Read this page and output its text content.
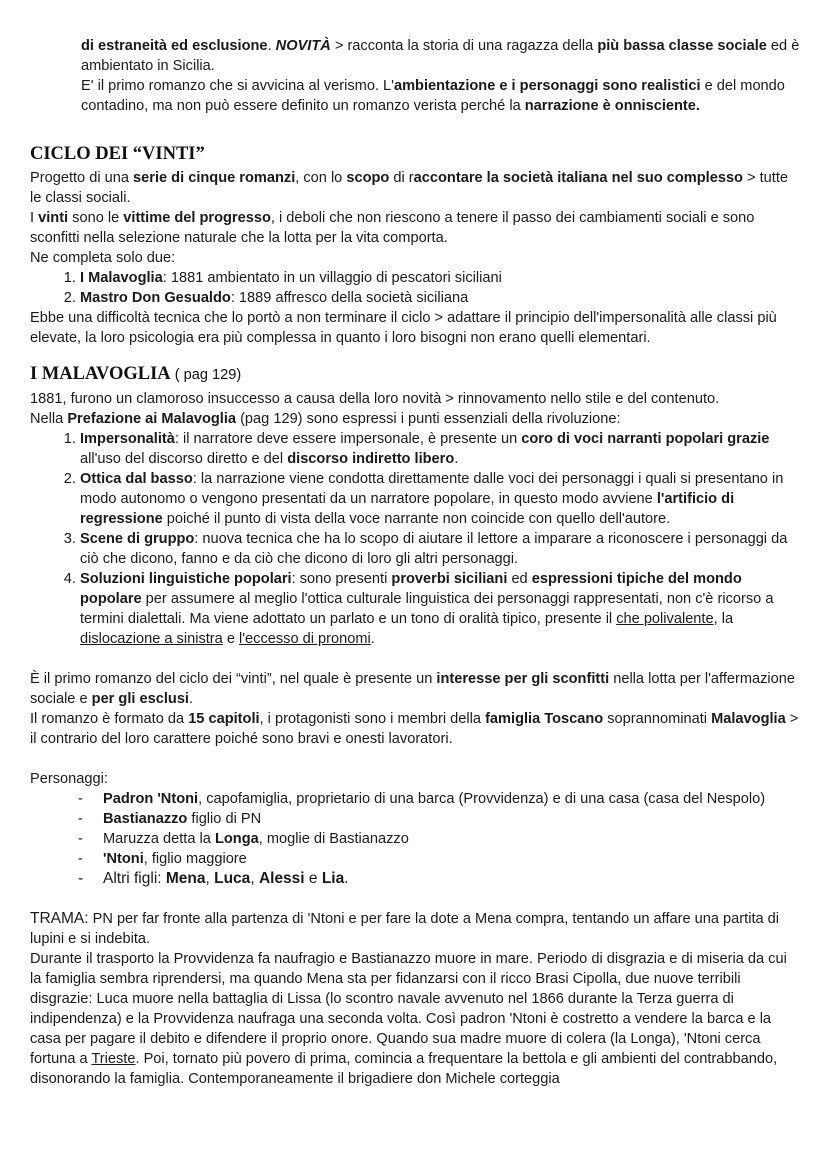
di estraneità ed esclusione. NOVITÀ > racconta la storia di una ragazza della più bassa classe sociale ed è ambientato in Sicilia.

E' il primo romanzo che si avvicina al verismo. L'ambientazione e i personaggi sono realistici e del mondo contadino, ma non può essere definito un romanzo verista perché la narrazione è onnisciente.

CICLO DEI “VINTI”

Progetto di una serie di cinque romanzi, con lo scopo di raccontare la società italiana nel suo complesso > tutte le classi sociali.

I vinti sono le vittime del progresso, i deboli che non riescono a tenere il passo dei cambiamenti sociali e sono sconfitti nella selezione naturale che la lotta per la vita comporta.

Ne completa solo due:

1. I Malavoglia: 1881 ambientato in un villaggio di pescatori siciliani
2. Mastro Don Gesualdo: 1889 affresco della società siciliana

Ebbe una difficoltà tecnica che lo portò a non terminare il ciclo > adattare il principio dell'impersonalità alle classi più elevate, la loro psicologia era più complessa in quanto i loro bisogni non erano quelli elementari.

I MALAVOGLIA ( pag 129)

1881, furono un clamoroso insuccesso a causa della loro novità > rinnovamento nello stile e del contenuto.

Nella Prefazione ai Malavoglia (pag 129) sono espressi i punti essenziali della rivoluzione:

1. Impersonalità: il narratore deve essere impersonale, è presente un coro di voci narranti popolari grazie all'uso del discorso diretto e del discorso indiretto libero.
2. Ottica dal basso: la narrazione viene condotta direttamente dalle voci dei personaggi i quali si presentano in modo autonomo o vengono presentati da un narratore popolare, in questo modo avviene l'artificio di regressione poiché il punto di vista della voce narrante non coincide con quello dell'autore.
3. Scene di gruppo: nuova tecnica che ha lo scopo di aiutare il lettore a imparare a riconoscere i personaggi da ciò che dicono, fanno e da ciò che dicono di loro gli altri personaggi.
4. Soluzioni linguistiche popolari: sono presenti proverbi siciliani ed espressioni tipiche del mondo popolare per assumere al meglio l'ottica culturale linguistica dei personaggi rappresentati, non c'è ricorso a termini dialettali. Ma viene adottato un parlato e un tono di oralità tipico, presente il che polivalente, la dislocazione a sinistra e l'eccesso di pronomi.

È il primo romanzo del ciclo dei “vinti”, nel quale è presente un interesse per gli sconfitti nella lotta per l'affermazione sociale e per gli esclusi.

Il romanzo è formato da 15 capitoli, i protagonisti sono i membri della famiglia Toscano soprannominati Malavoglia > il contrario del loro carattere poiché sono bravi e onesti lavoratori.

Personaggi:

- Padron 'Ntoni, capofamiglia, proprietario di una barca (Provvidenza) e di una casa (casa del Nespolo)
- Bastianazzo figlio di PN
- Maruzza detta la Longa, moglie di Bastianazzo
- 'Ntoni, figlio maggiore
- Altri figli: Mena, Luca, Alessi e Lia.

TRAMA: PN per far fronte alla partenza di 'Ntoni e per fare la dote a Mena compra, tentando un affare una partita di lupini e si indebita.

Durante il trasporto la Provvidenza fa naufragio e Bastianazzo muore in mare. Periodo di disgrazia e di miseria da cui la famiglia sembra riprendersi, ma quando Mena sta per fidanzarsi con il ricco Brasi Cipolla, due nuove terribili disgrazie: Luca muore nella battaglia di Lissa (lo scontro navale avvenuto nel 1866 durante la Terza guerra di indipendenza) e la Provvidenza naufraga una seconda volta. Così padron 'Ntoni è costretto a vendere la barca e la casa per pagare il debito e difendere il proprio onore. Quando sua madre muore di colera (la Longa), 'Ntoni cerca fortuna a Trieste. Poi, tornato più povero di prima, comincia a frequentare la bettola e gli ambienti del contrabbando, disonorando la famiglia. Contemporaneamente il brigadiere don Michele corteggia
